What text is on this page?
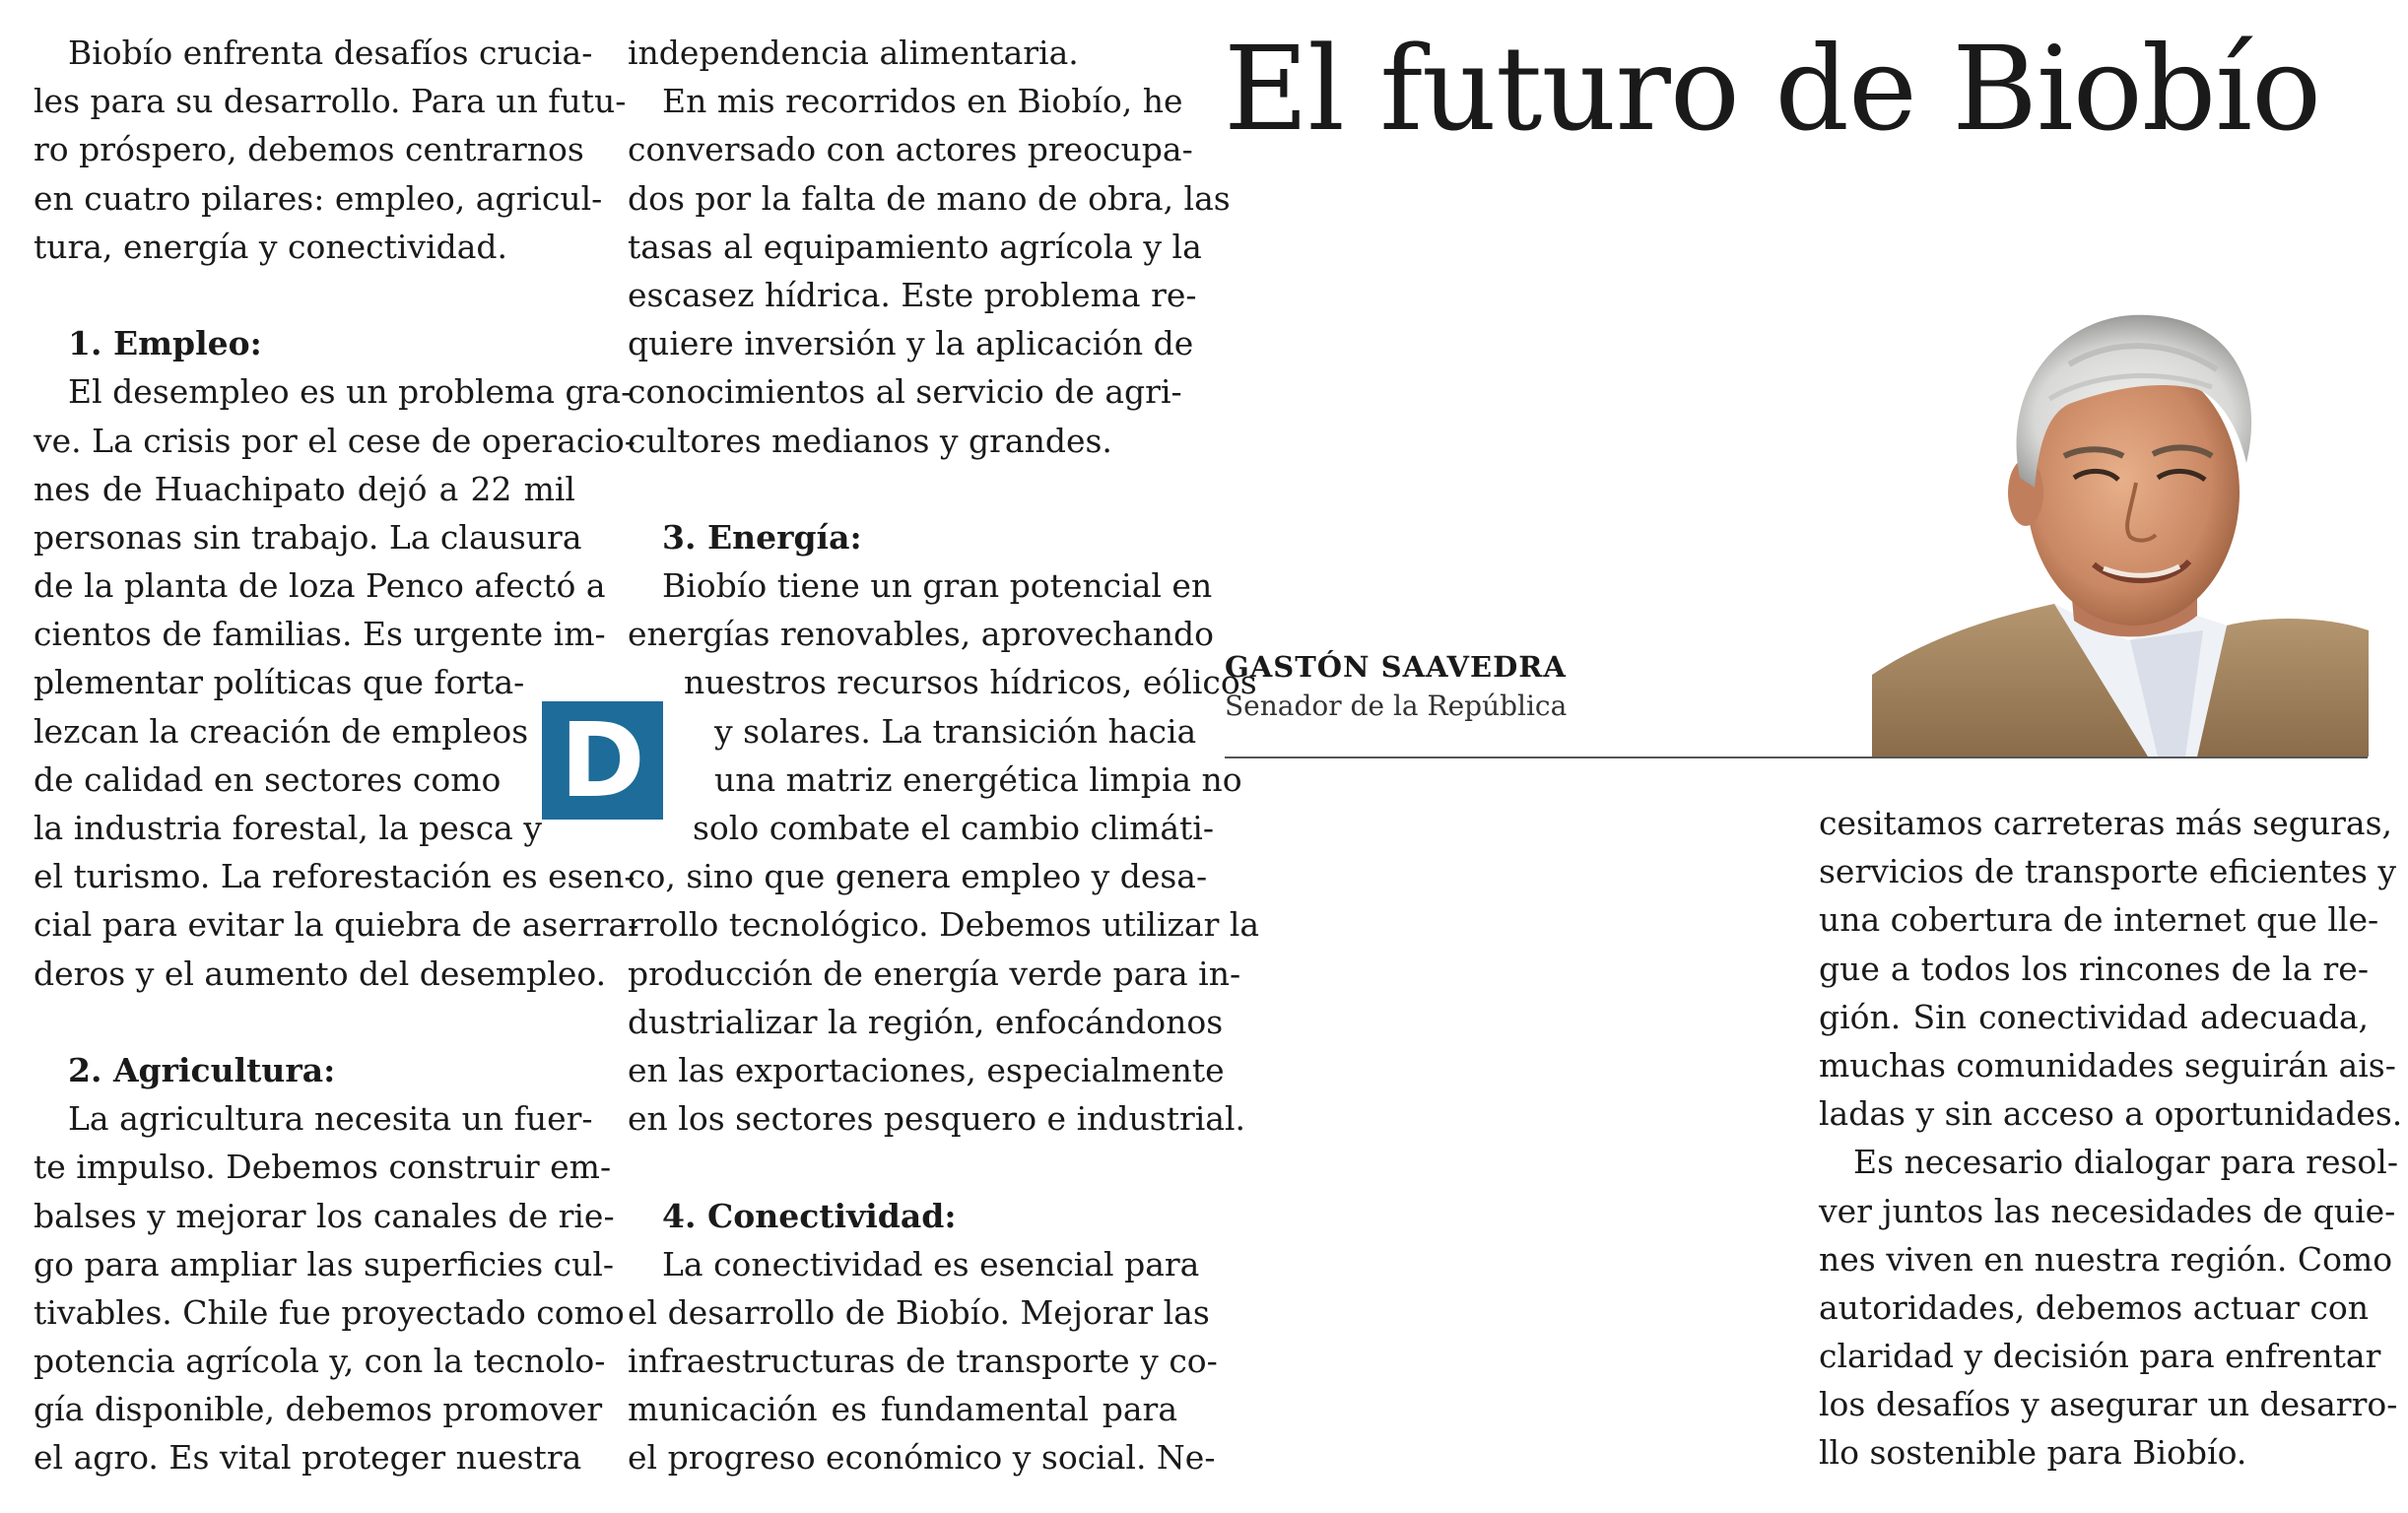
El futuro de Biobío
Biobío enfrenta desafíos crucia-
les para su desarrollo. Para un futu-
ro próspero, debemos centrarnos
en cuatro pilares: empleo, agricul-
tura, energía y conectividad.
1. Empleo:
El desempleo es un problema gra-
ve. La crisis por el cese de operacio-
nes de Huachipato dejó a 22 mil
personas sin trabajo. La clausura
de la planta de loza Penco afectó a
cientos de familias. Es urgente im-
plementar políticas que forta-
lezcan la creación de empleos
de calidad en sectores como
la industria forestal, la pesca y
el turismo. La reforestación es esen-
cial para evitar la quiebra de aserra-
deros y el aumento del desempleo.
2. Agricultura:
La agricultura necesita un fuer-
te impulso. Debemos construir em-
balses y mejorar los canales de rie-
go para ampliar las superficies cul-
tivables. Chile fue proyectado como
potencia agrícola y, con la tecnolo-
gía disponible, debemos promover
el agro. Es vital proteger nuestra
independencia alimentaria.
En mis recorridos en Biobío, he
conversado con actores preocupa-
dos por la falta de mano de obra, las
tasas al equipamiento agrícola y la
escasez hídrica. Este problema re-
quiere inversión y la aplicación de
conocimientos al servicio de agri-
cultores medianos y grandes.
3. Energía:
Biobío tiene un gran potencial en
energías renovables, aprovechando
nuestros recursos hídricos, eólicos
y solares. La transición hacia
una matriz energética limpia no
solo combate el cambio climáti-
co, sino que genera empleo y desa-
rrollo tecnológico. Debemos utilizar la
producción de energía verde para in-
dustrializar la región, enfocándonos
en las exportaciones, especialmente
en los sectores pesquero e industrial.
4. Conectividad:
La conectividad es esencial para
el desarrollo de Biobío. Mejorar las
infraestructuras de transporte y co-
municación es fundamental para
el progreso económico y social. Ne-
cesitamos carreteras más seguras,
servicios de transporte eficientes y
una cobertura de internet que lle-
gue a todos los rincones de la re-
gión. Sin conectividad adecuada,
muchas comunidades seguirán ais-
ladas y sin acceso a oportunidades.
Es necesario dialogar para resol-
ver juntos las necesidades de quie-
nes viven en nuestra región. Como
autoridades, debemos actuar con
claridad y decisión para enfrentar
los desafíos y asegurar un desarro-
llo sostenible para Biobío.
D
GASTÓN SAAVEDRA
Senador de la República
